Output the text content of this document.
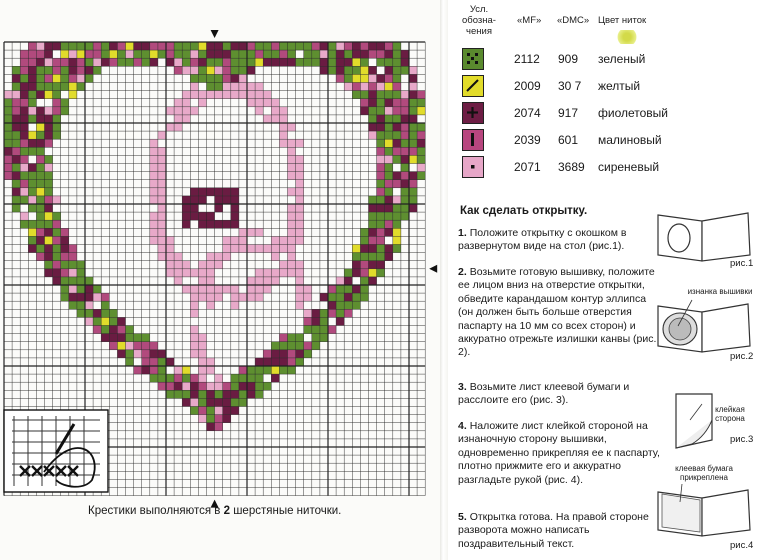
Крестики выполняются в 2 шерстяные ниточки.
Усл.
обозна-
чения
«MF» «DMC» Цвет ниток
2112 909 зеленый
2009 30 7 желтый
2074 917 фиолетовый
2039 601 малиновый
2071 3689 сиреневый
Как сделать открытку.
1. Положите открытку с окошком в развернутом виде на стол (рис.1).
2. Возьмите готовую вышивку, положите ее лицом вниз на отверстие открытки, обведите карандашом контур эллипса (он должен быть больше отверстия паспарту на 10 мм со всех сторон) и аккуратно отрежьте излишки канвы (рис. 2).
3. Возьмите лист клеевой бумаги и расслоите его (рис. 3).
4. Наложите лист клейкой стороной на изнаночную сторону вышивки, одновременно прикрепляя ее к паспарту, плотно прижмите его и аккуратно разгладьте рукой (рис. 4).
5. Открытка готова. На правой стороне разворота можно написать поздравительный текст.
рис.1
изнанка вышивки
рис.2
клейкая сторона
рис.3
клеевая бумага прикреплена
рис.4
